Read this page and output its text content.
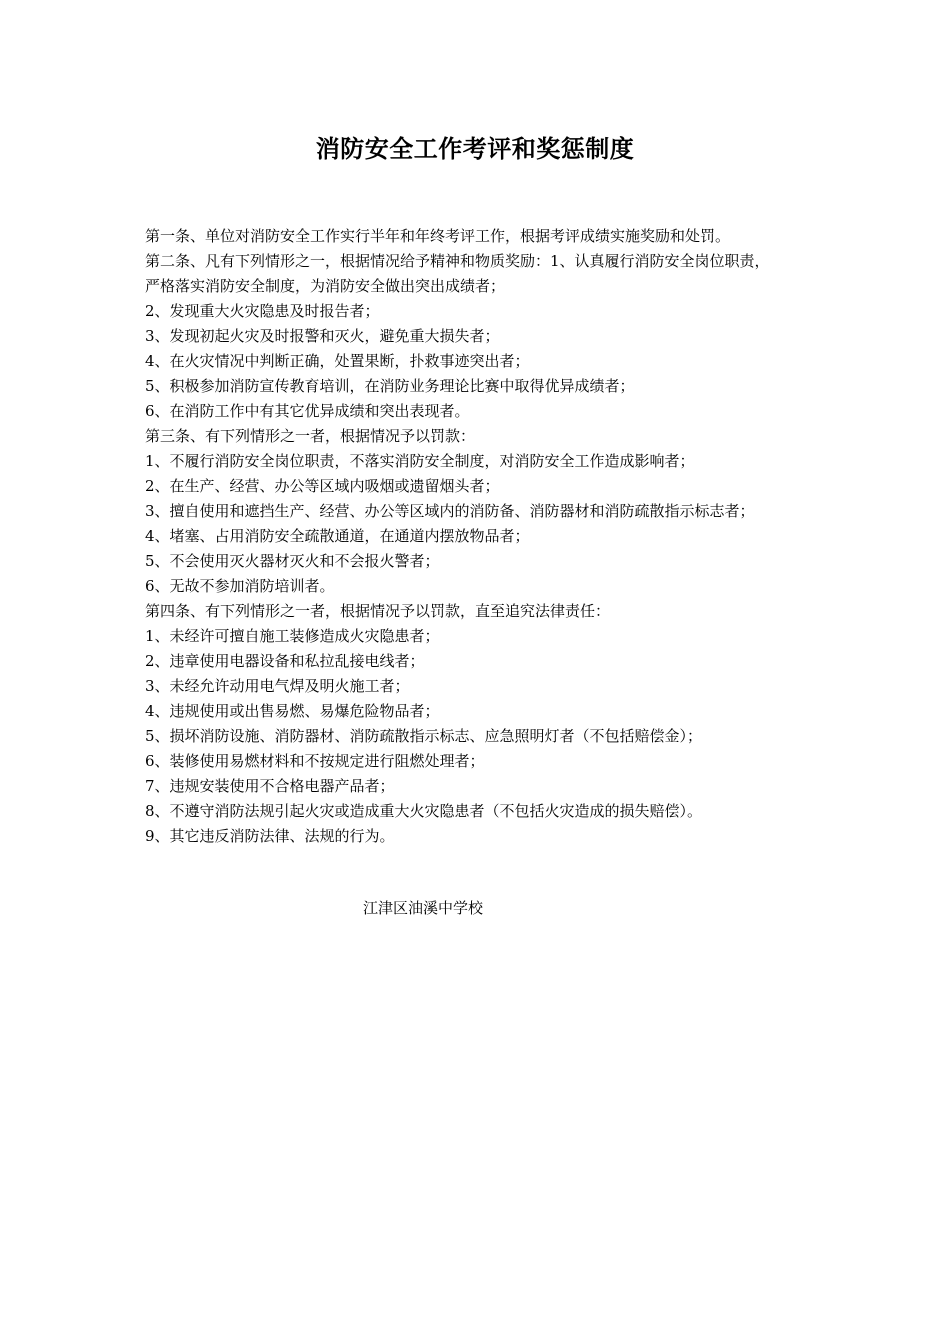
消防安全工作考评和奖惩制度
第一条、单位对消防安全工作实行半年和年终考评工作，根据考评成绩实施奖励和处罚。
第二条、凡有下列情形之一，根据情况给予精神和物质奖励：1、认真履行消防安全岗位职责，
严格落实消防安全制度，为消防安全做出突出成绩者；
2、发现重大火灾隐患及时报告者；
3、发现初起火灾及时报警和灭火，避免重大损失者；
4、在火灾情况中判断正确，处置果断，扑救事迹突出者；
5、积极参加消防宣传教育培训，在消防业务理论比赛中取得优异成绩者；
6、在消防工作中有其它优异成绩和突出表现者。
第三条、有下列情形之一者，根据情况予以罚款：
1、不履行消防安全岗位职责，不落实消防安全制度，对消防安全工作造成影响者；
2、在生产、经营、办公等区域内吸烟或遗留烟头者；
3、擅自使用和遮挡生产、经营、办公等区域内的消防备、消防器材和消防疏散指示标志者；
4、堵塞、占用消防安全疏散通道，在通道内摆放物品者；
5、不会使用灭火器材灭火和不会报火警者；
6、无故不参加消防培训者。
第四条、有下列情形之一者，根据情况予以罚款，直至追究法律责任：
1、未经许可擅自施工装修造成火灾隐患者；
2、违章使用电器设备和私拉乱接电线者；
3、未经允许动用电气焊及明火施工者；
4、违规使用或出售易燃、易爆危险物品者；
5、损坏消防设施、消防器材、消防疏散指示标志、应急照明灯者（不包括赔偿金）；
6、装修使用易燃材料和不按规定进行阻燃处理者；
7、违规安装使用不合格电器产品者；
8、不遵守消防法规引起火灾或造成重大火灾隐患者（不包括火灾造成的损失赔偿）。
9、其它违反消防法律、法规的行为。
江津区油溪中学校
